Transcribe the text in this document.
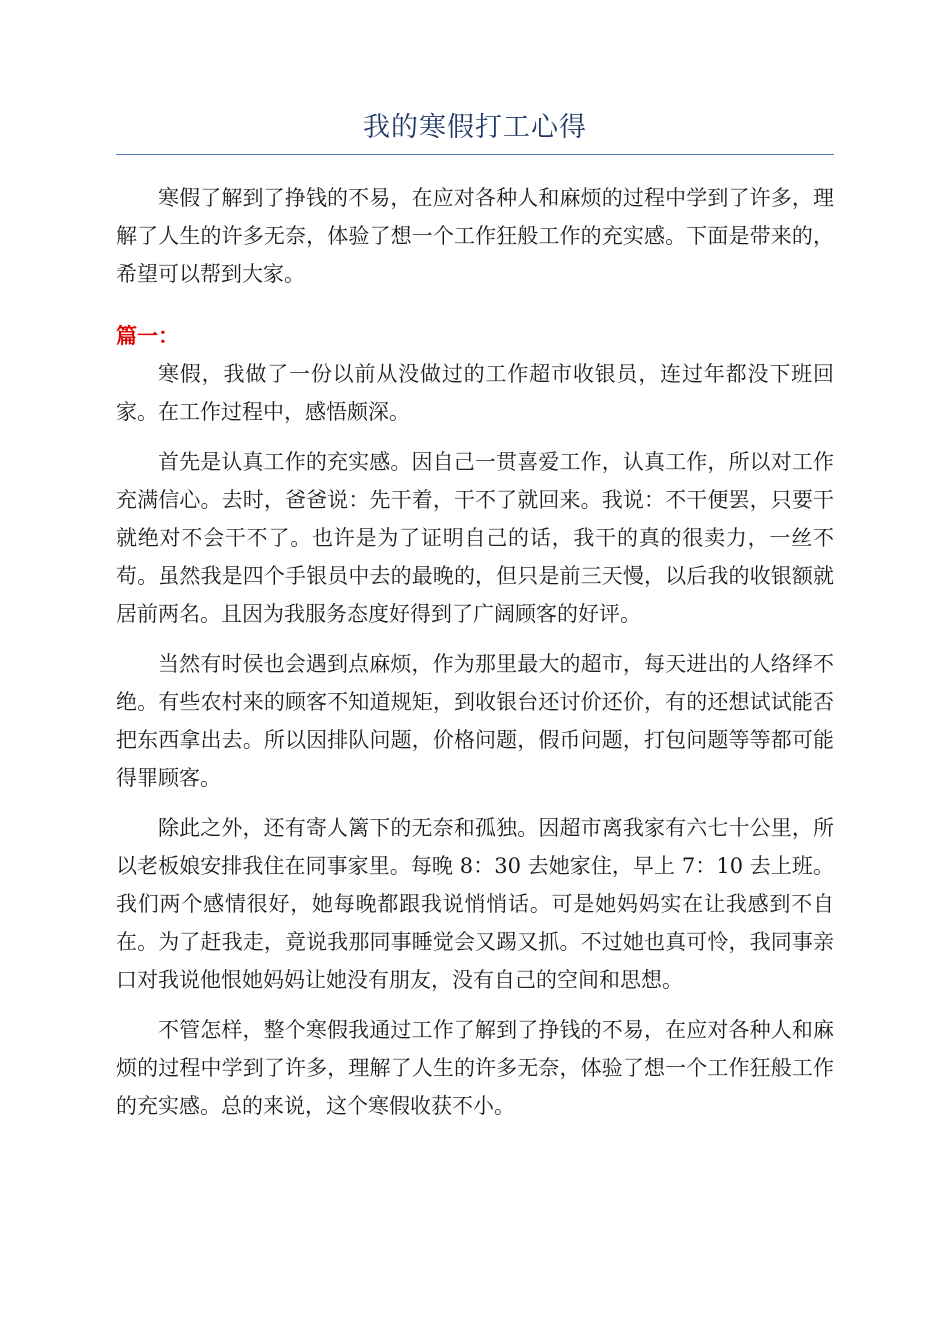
我的寒假打工心得

寒假了解到了挣钱的不易，在应对各种人和麻烦的过程中学到了许多，理解了人生的许多无奈，体验了想一个工作狂般工作的充实感。下面是带来的，希望可以帮到大家。

篇一：

寒假，我做了一份以前从没做过的工作超市收银员，连过年都没下班回家。在工作过程中，感悟颇深。

首先是认真工作的充实感。因自己一贯喜爱工作，认真工作，所以对工作充满信心。去时，爸爸说：先干着，干不了就回来。我说：不干便罢，只要干就绝对不会干不了。也许是为了证明自己的话，我干的真的很卖力，一丝不苟。虽然我是四个手银员中去的最晚的，但只是前三天慢，以后我的收银额就居前两名。且因为我服务态度好得到了广阔顾客的好评。

当然有时侯也会遇到点麻烦，作为那里最大的超市，每天进出的人络绎不绝。有些农村来的顾客不知道规矩，到收银台还讨价还价，有的还想试试能否把东西拿出去。所以因排队问题，价格问题，假币问题，打包问题等等都可能得罪顾客。

除此之外，还有寄人篱下的无奈和孤独。因超市离我家有六七十公里，所以老板娘安排我住在同事家里。每晚 8：30 去她家住，早上 7：10 去上班。我们两个感情很好，她每晚都跟我说悄悄话。可是她妈妈实在让我感到不自在。为了赶我走，竟说我那同事睡觉会又踢又抓。不过她也真可怜，我同事亲口对我说他恨她妈妈让她没有朋友，没有自己的空间和思想。

不管怎样，整个寒假我通过工作了解到了挣钱的不易，在应对各种人和麻烦的过程中学到了许多，理解了人生的许多无奈，体验了想一个工作狂般工作的充实感。总的来说，这个寒假收获不小。
